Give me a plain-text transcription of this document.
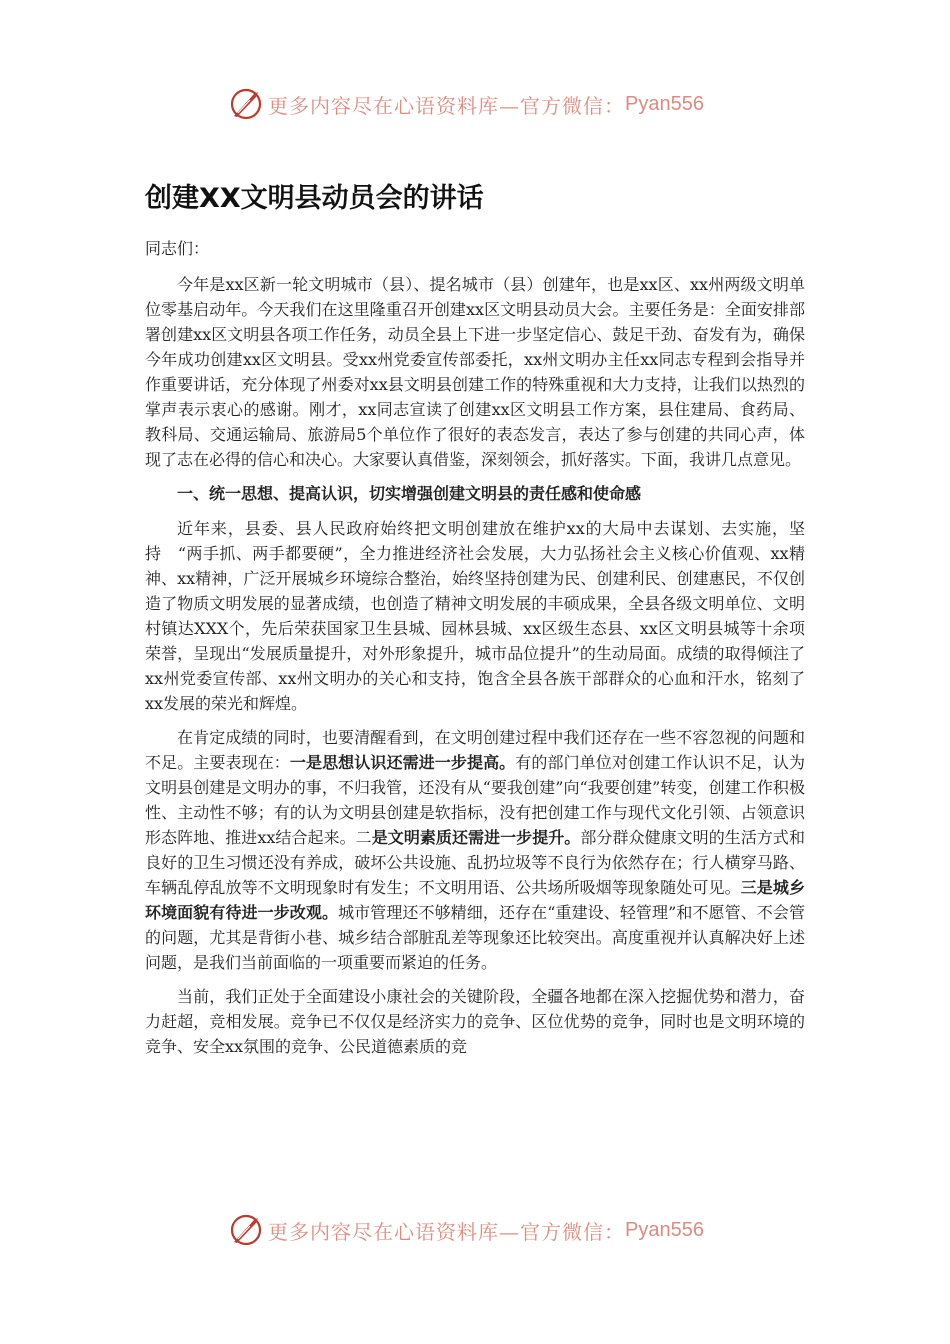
更多内容尽在心语资料库—官方微信： Pyan556
创建XX文明县动员会的讲话

同志们：

今年是xx区新一轮文明城市（县）、提名城市（县）创建年，也是xx区、xx州两级文明单位零基启动年。今天我们在这里隆重召开创建xx区文明县动员大会。主要任务是：全面安排部署创建xx区文明县各项工作任务，动员全县上下进一步坚定信心、鼓足干劲、奋发有为，确保今年成功创建xx区文明县。受xx州党委宣传部委托，xx州文明办主任xx同志专程到会指导并作重要讲话，充分体现了州委对xx县文明县创建工作的特殊重视和大力支持，让我们以热烈的掌声表示衷心的感谢。刚才，xx同志宣读了创建xx区文明县工作方案，县住建局、食药局、教科局、交通运输局、旅游局5个单位作了很好的表态发言，表达了参与创建的共同心声，体现了志在必得的信心和决心。大家要认真借鉴，深刻领会，抓好落实。下面，我讲几点意见。

一、统一思想、提高认识，切实增强创建文明县的责任感和使命感

近年来，县委、县人民政府始终把文明创建放在维护xx的大局中去谋划、去实施，坚持　“两手抓、两手都要硬”，全力推进经济社会发展，大力弘扬社会主义核心价值观、xx精神、xx精神，广泛开展城乡环境综合整治，始终坚持创建为民、创建利民、创建惠民，不仅创造了物质文明发展的显著成绩，也创造了精神文明发展的丰硕成果，全县各级文明单位、文明村镇达XXX个，先后荣获国家卫生县城、园林县城、xx区级生态县、xx区文明县城等十余项荣誉，呈现出“发展质量提升，对外形象提升，城市品位提升”的生动局面。成绩的取得倾注了xx州党委宣传部、xx州文明办的关心和支持，饱含全县各族干部群众的心血和汗水，铭刻了xx发展的荣光和辉煌。

在肯定成绩的同时，也要清醒看到，在文明创建过程中我们还存在一些不容忽视的问题和不足。主要表现在：一是思想认识还需进一步提高。有的部门单位对创建工作认识不足，认为文明县创建是文明办的事，不归我管，还没有从“要我创建”向“我要创建”转变，创建工作积极性、主动性不够；有的认为文明县创建是软指标，没有把创建工作与现代文化引领、占领意识形态阵地、推进xx结合起来。二是文明素质还需进一步提升。部分群众健康文明的生活方式和良好的卫生习惯还没有养成，破坏公共设施、乱扔垃圾等不良行为依然存在；行人横穿马路、车辆乱停乱放等不文明现象时有发生；不文明用语、公共场所吸烟等现象随处可见。三是城乡环境面貌有待进一步改观。城市管理还不够精细，还存在“重建设、轻管理”和不愿管、不会管的问题，尤其是背街小巷、城乡结合部脏乱差等现象还比较突出。高度重视并认真解决好上述问题，是我们当前面临的一项重要而紧迫的任务。

当前，我们正处于全面建设小康社会的关键阶段，全疆各地都在深入挖掘优势和潜力，奋力赶超，竞相发展。竞争已不仅仅是经济实力的竞争、区位优势的竞争，同时也是文明环境的竞争、安全xx氛围的竞争、公民道德素质的竞

更多内容尽在心语资料库—官方微信： Pyan556
